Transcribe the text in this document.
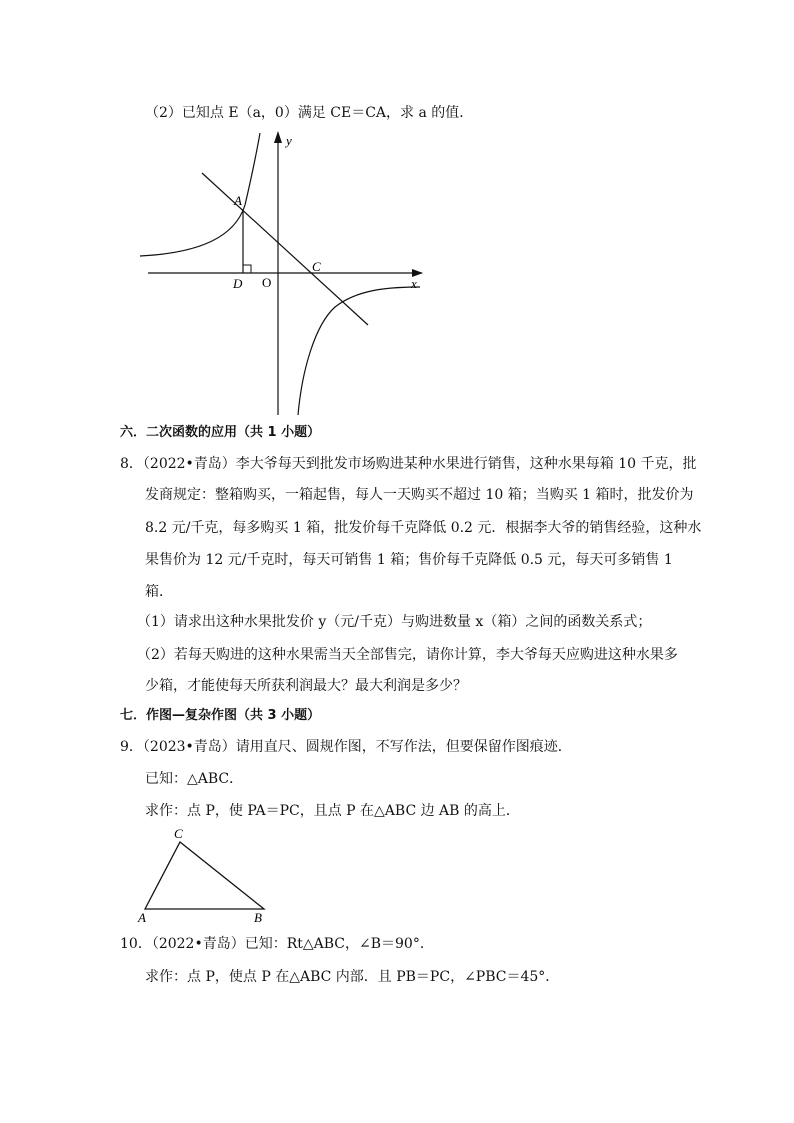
（2）已知点 E（a，0）满足 CE＝CA，求 a 的值．
y
x
O
A
C
D
六．二次函数的应用（共 1 小题）
8．（2022•青岛）李大爷每天到批发市场购进某种水果进行销售，这种水果每箱 10 千克，批
发商规定：整箱购买，一箱起售，每人一天购买不超过 10 箱；当购买 1 箱时，批发价为
8.2 元/千克，每多购买 1 箱，批发价每千克降低 0.2 元．根据李大爷的销售经验，这种水
果售价为 12 元/千克时，每天可销售 1 箱；售价每千克降低 0.5 元，每天可多销售 1
箱．
（1）请求出这种水果批发价 y（元/千克）与购进数量 x（箱）之间的函数关系式；
（2）若每天购进的这种水果需当天全部售完，请你计算，李大爷每天应购进这种水果多
少箱，才能使每天所获利润最大？最大利润是多少？
七．作图—复杂作图（共 3 小题）
9．（2023•青岛）请用直尺、圆规作图，不写作法，但要保留作图痕迹．
已知：△ABC．
求作：点 P，使 PA＝PC，且点 P 在△ABC 边 AB 的高上．
C
A	B
10．（2022•青岛）已知：Rt△ABC，∠B＝90°．
求作：点 P，使点 P 在△ABC 内部．且 PB＝PC，∠PBC＝45°．
